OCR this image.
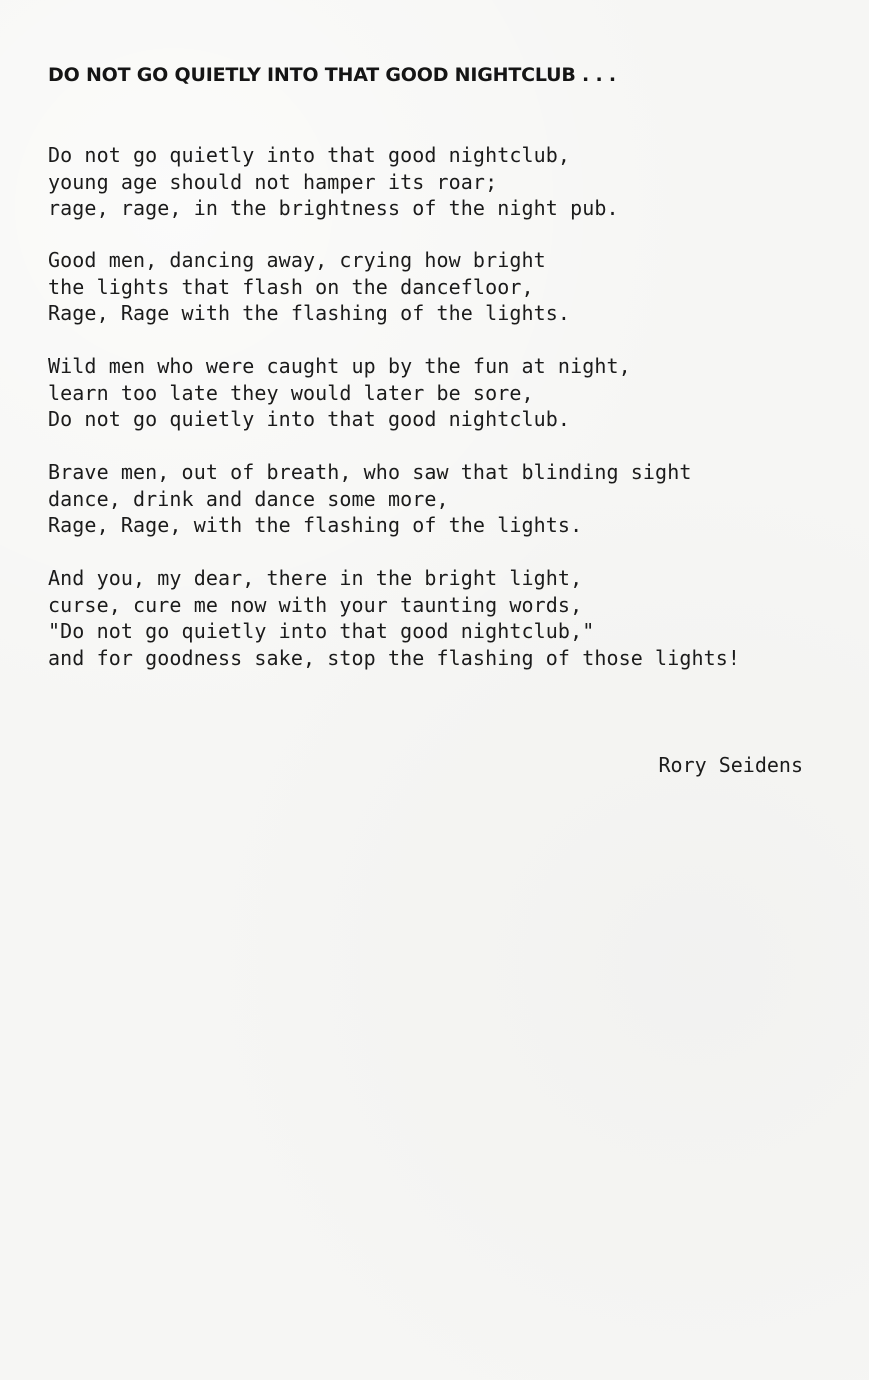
DO NOT GO QUIETLY INTO THAT GOOD NIGHTCLUB . . .
Do not go quietly into that good nightclub,
young age should not hamper its roar;
rage, rage, in the brightness of the night pub.
Good men, dancing away, crying how bright
the lights that flash on the dancefloor,
Rage, Rage with the flashing of the lights.
Wild men who were caught up by the fun at night,
learn too late they would later be sore,
Do not go quietly into that good nightclub.
Brave men, out of breath, who saw that blinding sight
dance, drink and dance some more,
Rage, Rage, with the flashing of the lights.
And you, my dear, there in the bright light,
curse, cure me now with your taunting words,
"Do not go quietly into that good nightclub,"
and for goodness sake, stop the flashing of those lights!
Rory Seidens
